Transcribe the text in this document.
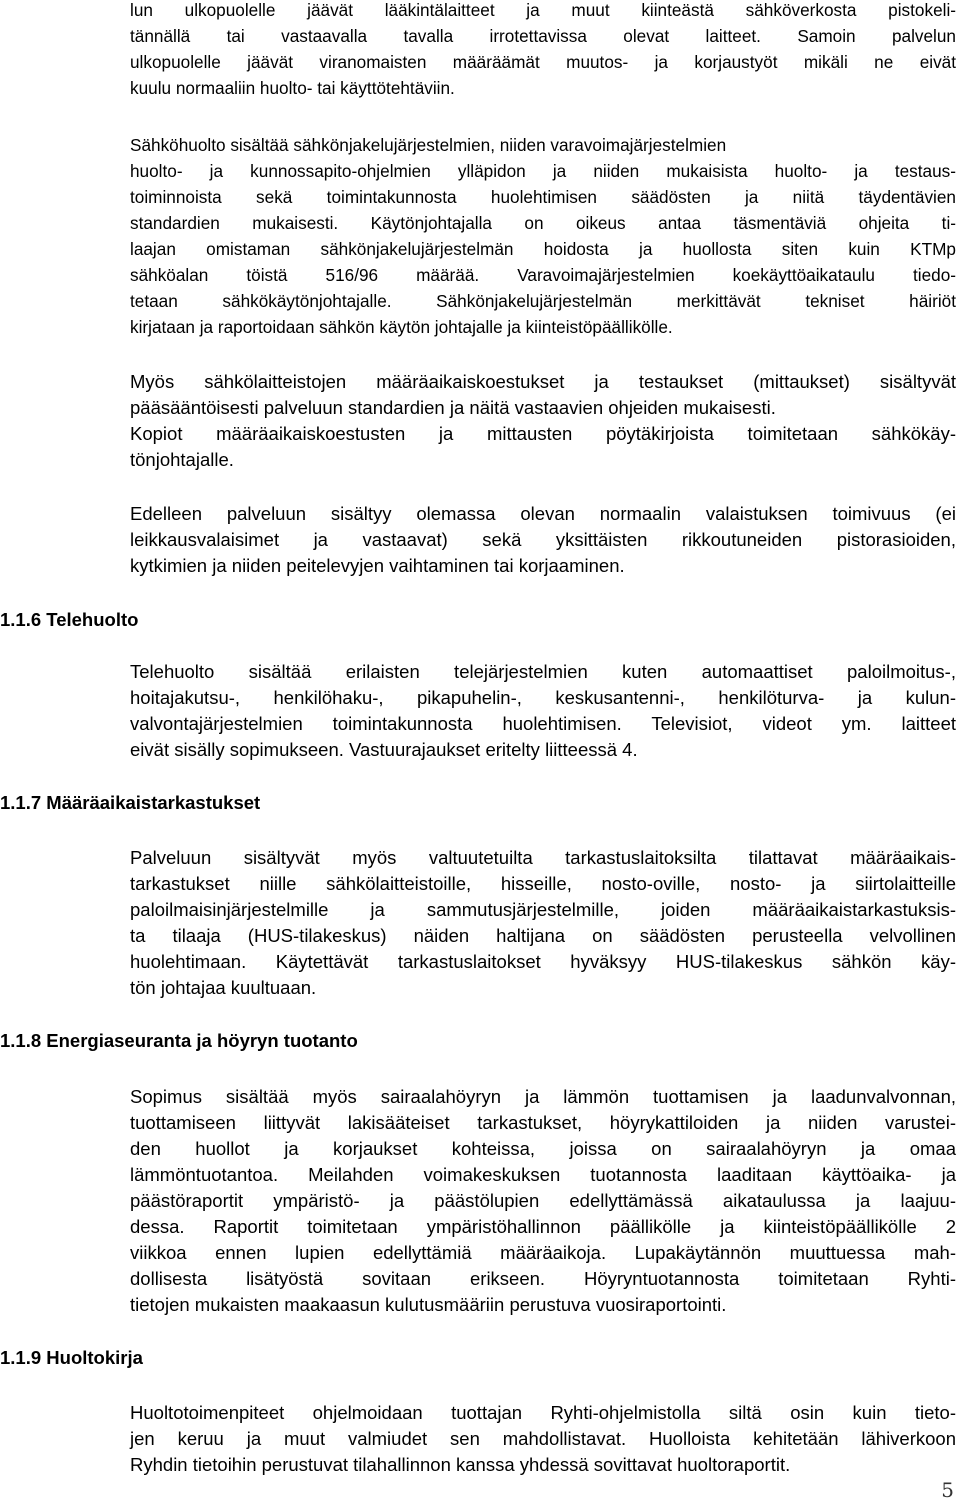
lun ulkopuolelle jäävät lääkintälaitteet ja muut kiinteästä sähköverkosta pistokeli-
tännällä tai vastaavalla tavalla irrotettavissa olevat laitteet. Samoin palvelun
ulkopuolelle jäävät viranomaisten määräämät muutos- ja korjaustyöt mikäli ne eivät
kuulu normaaliin huolto- tai käyttötehtäviin.
Sähköhuolto sisältää sähkönjakelujärjestelmien, niiden varavoimajärjestelmien
huolto- ja kunnossapito-ohjelmien ylläpidon ja niiden mukaisista huolto- ja testaus-
toiminnoista sekä toimintakunnosta huolehtimisen säädösten ja niitä täydentävien
standardien mukaisesti. Käytönjohtajalla on oikeus antaa täsmentäviä ohjeita ti-
laajan omistaman sähkönjakelujärjestelmän hoidosta ja huollosta siten kuin KTMp
sähköalan töistä 516/96 määrää. Varavoimajärjestelmien koekäyttöaikataulu tiedo-
tetaan sähkökäytönjohtajalle. Sähkönjakelujärjestelmän merkittävät tekniset häiriöt
kirjataan ja raportoidaan sähkön käytön johtajalle ja kiinteistöpäällikölle.
Myös sähkölaitteistojen määräaikaiskoestukset ja testaukset (mittaukset) sisältyvät
pääsääntöisesti palveluun standardien ja näitä vastaavien ohjeiden mukaisesti.
Kopiot määräaikaiskoestusten ja mittausten pöytäkirjoista toimitetaan sähkökäy-
tönjohtajalle.
Edelleen palveluun sisältyy olemassa olevan normaalin valaistuksen toimivuus (ei
leikkausvalaisimet ja vastaavat) sekä yksittäisten rikkoutuneiden pistorasioiden,
kytkimien ja niiden peitelevyjen vaihtaminen tai korjaaminen.
1.1.6 Telehuolto
Telehuolto sisältää erilaisten telejärjestelmien kuten automaattiset paloilmoitus-,
hoitajakutsu-, henkilöhaku-, pikapuhelin-, keskusantenni-, henkilöturva- ja kulun-
valvontajärjestelmien toimintakunnosta huolehtimisen. Televisiot, videot ym. laitteet
eivät sisälly sopimukseen. Vastuurajaukset eritelty liitteessä 4.
1.1.7 Määräaikaistarkastukset
Palveluun sisältyvät myös valtuutetuilta tarkastuslaitoksilta tilattavat määräaikais-
tarkastukset niille sähkölaitteistoille, hisseille, nosto-oville, nosto- ja siirtolaitteille
paloilmaisinjärjestelmille ja sammutusjärjestelmille, joiden määräaikaistarkastuksis-
ta tilaaja (HUS-tilakeskus) näiden haltijana on säädösten perusteella velvollinen
huolehtimaan. Käytettävät tarkastuslaitokset hyväksyy HUS-tilakeskus sähkön käy-
tön johtajaa kuultuaan.
1.1.8 Energiaseuranta ja höyryn tuotanto
Sopimus sisältää myös sairaalahöyryn ja lämmön tuottamisen ja laadunvalvonnan,
tuottamiseen liittyvät lakisääteiset tarkastukset, höyrykattiloiden ja niiden varustei-
den huollot ja korjaukset kohteissa, joissa on sairaalahöyryn ja omaa
lämmöntuotantoa. Meilahden voimakeskuksen tuotannosta laaditaan käyttöaika- ja
päästöraportit ympäristö- ja päästölupien edellyttämässä aikataulussa ja laajuu-
dessa. Raportit toimitetaan ympäristöhallinnon päällikölle ja kiinteistöpäällikölle 2
viikkoa ennen lupien edellyttämiä määräaikoja. Lupakäytännön muuttuessa mah-
dollisesta lisätyöstä sovitaan erikseen. Höyryntuotannosta toimitetaan Ryhti-
tietojen mukaisten maakaasun kulutusmääriin perustuva vuosiraportointi.
1.1.9 Huoltokirja
Huoltotoimenpiteet ohjelmoidaan tuottajan Ryhti-ohjelmistolla siltä osin kuin tieto-
jen keruu ja muut valmiudet sen mahdollistavat. Huolloista kehitetään lähiverkoon
Ryhdin tietoihin perustuvat tilahallinnon kanssa yhdessä sovittavat huoltoraportit.
5
